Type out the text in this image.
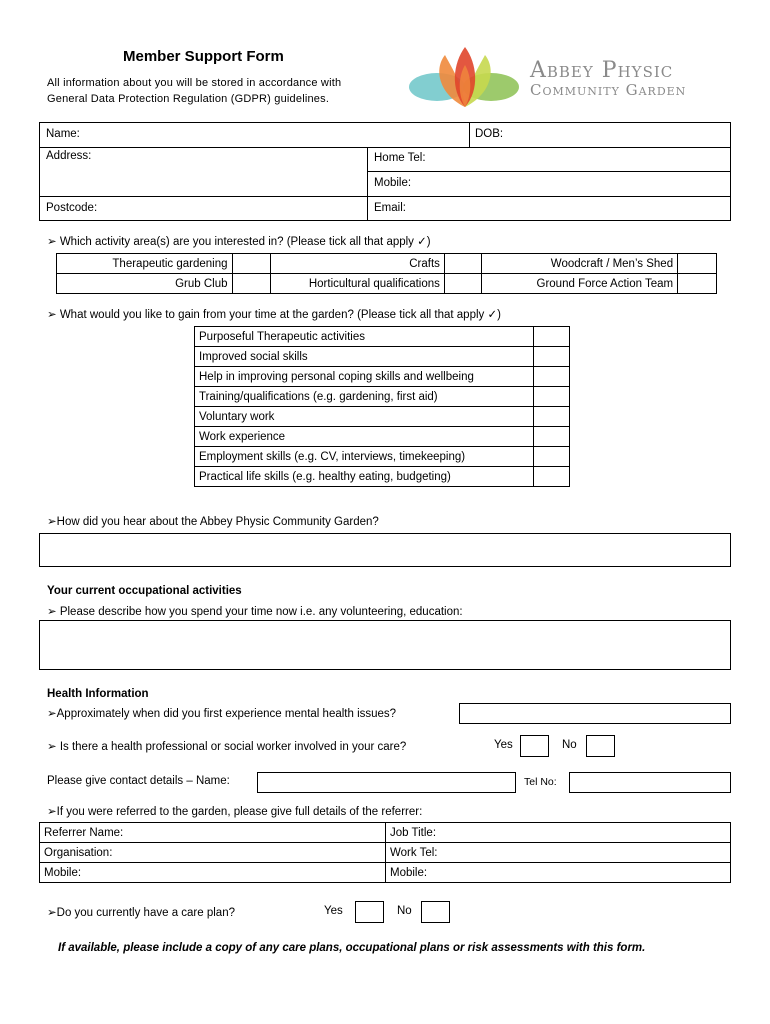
Member Support Form
All information about you will be stored in accordance with
General Data Protection Regulation (GDPR) guidelines.
Abbey Physic
Community Garden
Name:	DOB:
Address:	Home Tel:
Mobile:
Postcode:	Email:
➢ Which activity area(s) are you interested in? (Please tick all that apply ✓)
Therapeutic gardening		Crafts		Woodcraft / Men’s Shed	
Grub Club		Horticultural qualifications		Ground Force Action Team	
➢ What would you like to gain from your time at the garden? (Please tick all that apply ✓)
Purposeful Therapeutic activities	
Improved social skills	
Help in improving personal coping skills and wellbeing	
Training/qualifications (e.g. gardening, first aid)	
Voluntary work	
Work experience	
Employment skills (e.g. CV, interviews, timekeeping)	
Practical life skills (e.g. healthy eating, budgeting)	
➢How did you hear about the Abbey Physic Community Garden?
Your current occupational activities
➢ Please describe how you spend your time now i.e. any volunteering, education:
Health Information
➢Approximately when did you first experience mental health issues?
➢ Is there a health professional or social worker involved in your care?	Yes	No
Please give contact details – Name:	Tel No:
➢If you were referred to the garden, please give full details of the referrer:
Referrer Name:	Job Title:
Organisation:	Work Tel:
Mobile:	Mobile:
➢Do you currently have a care plan?	Yes	No
If available, please include a copy of any care plans, occupational plans or risk assessments with this form.
